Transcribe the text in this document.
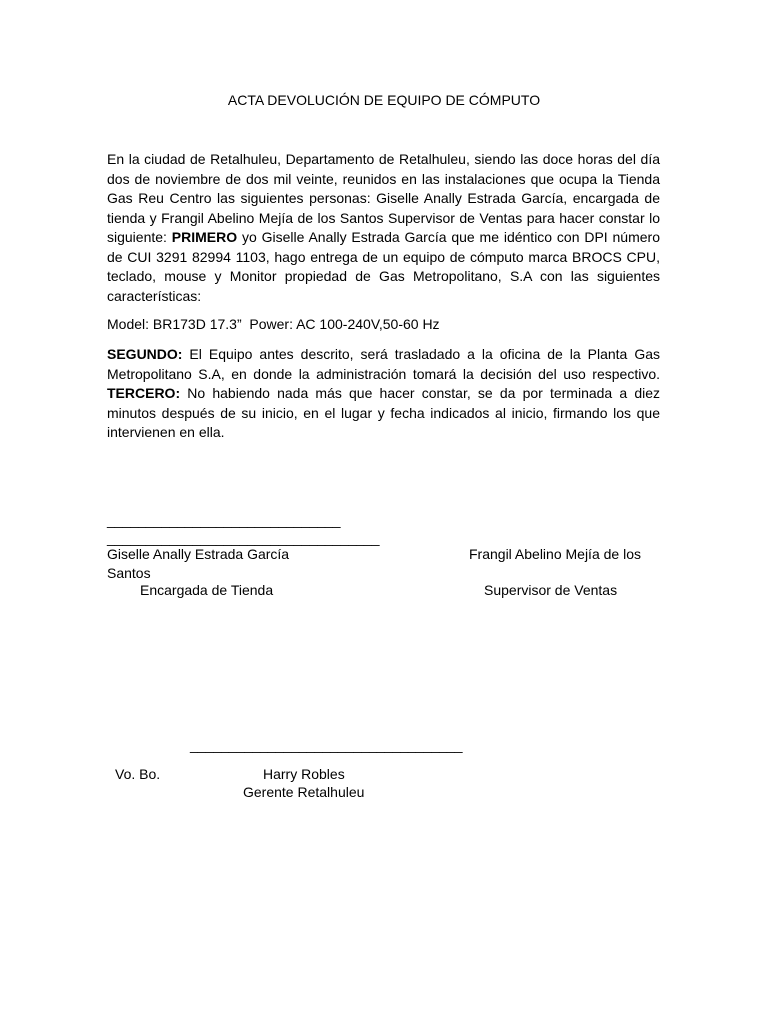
ACTA DEVOLUCIÓN DE EQUIPO DE CÓMPUTO
En la ciudad de Retalhuleu, Departamento de Retalhuleu, siendo las doce horas del día dos de noviembre de dos mil veinte, reunidos en las instalaciones que ocupa la Tienda Gas Reu Centro las siguientes personas: Giselle Anally Estrada García, encargada de tienda y Frangil Abelino Mejía de los Santos Supervisor de Ventas para hacer constar lo siguiente: PRIMERO yo Giselle Anally Estrada García que me idéntico con DPI número de CUI 3291 82994 1103, hago entrega de un equipo de cómputo marca BROCS CPU, teclado, mouse y Monitor propiedad de Gas Metropolitano, S.A con las siguientes características:
Model: BR173D 17.3”  Power: AC 100-240V,50-60 Hz
SEGUNDO: El Equipo antes descrito, será trasladado a la oficina de la Planta Gas Metropolitano S.A, en donde la administración tomará la decisión del uso respectivo. TERCERO: No habiendo nada más que hacer constar, se da por terminada a diez minutos después de su inicio, en el lugar y fecha indicados al inicio, firmando los que intervienen en ella.
______________________________
___________________________________
Giselle Anally Estrada García	Frangil Abelino Mejía de los
Santos
Encargada de Tienda	Supervisor de Ventas
___________________________________
Vo. Bo.	Harry Robles
Gerente Retalhuleu
